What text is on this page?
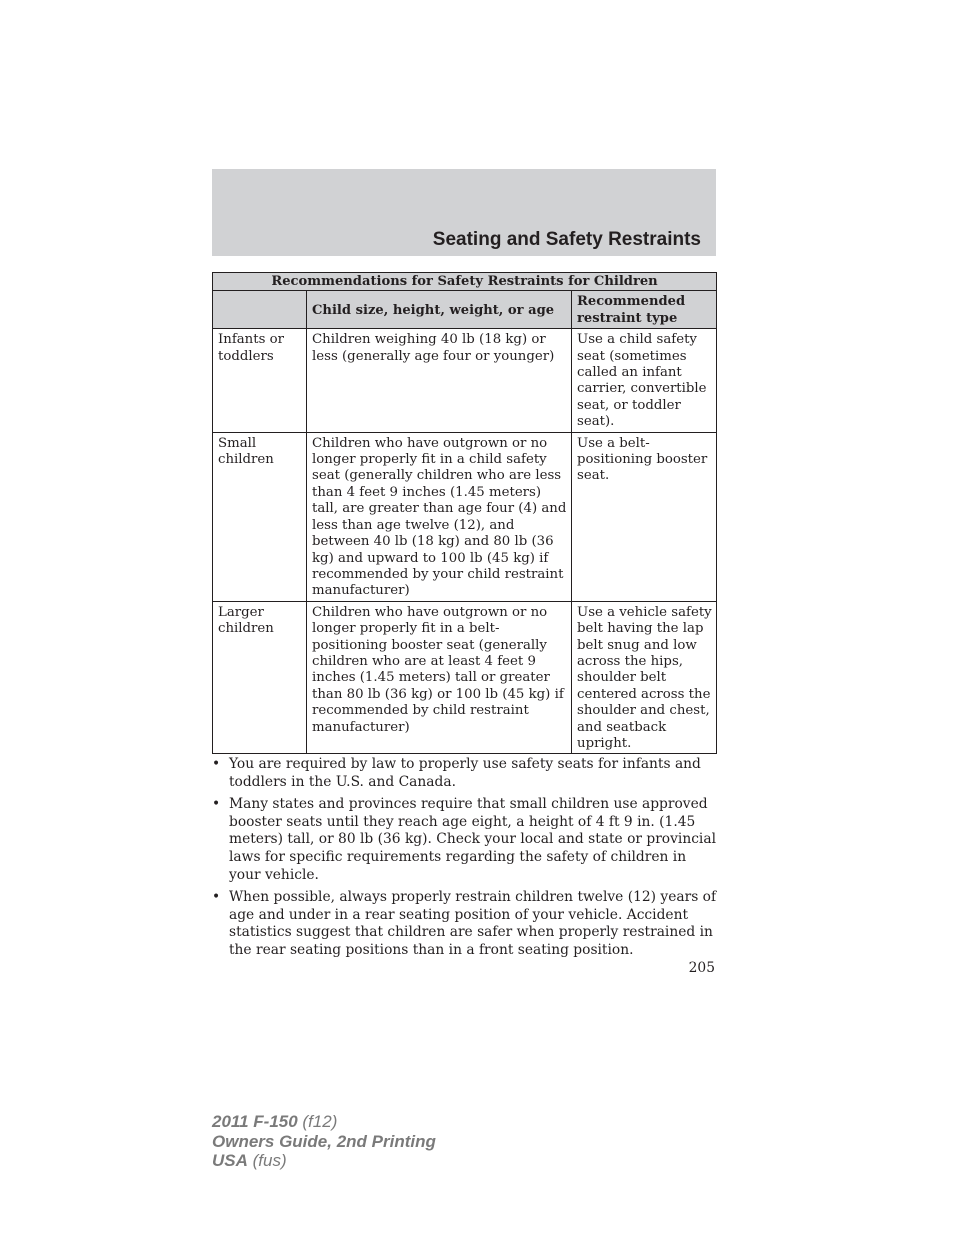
Seating and Safety Restraints
Recommendations for Safety Restraints for Children		
	Child size, height, weight, or age	Recommended restraint type
Infants or toddlers	Children weighing 40 lb (18 kg) or less (generally age four or younger)	Use a child safety seat (sometimes called an infant carrier, convertible seat, or toddler seat).
Small children	Children who have outgrown or no longer properly fit in a child safety seat (generally children who are less than 4 feet 9 inches (1.45 meters) tall, are greater than age four (4) and less than age twelve (12), and between 40 lb (18 kg) and 80 lb (36 kg) and upward to 100 lb (45 kg) if recommended by your child restraint manufacturer)	Use a belt-positioning booster seat.
Larger children	Children who have outgrown or no longer properly fit in a belt-positioning booster seat (generally children who are at least 4 feet 9 inches (1.45 meters) tall or greater than 80 lb (36 kg) or 100 lb (45 kg) if recommended by child restraint manufacturer)	Use a vehicle safety belt having the lap belt snug and low across the hips, shoulder belt centered across the shoulder and chest, and seatback upright.
• You are required by law to properly use safety seats for infants and toddlers in the U.S. and Canada.
• Many states and provinces require that small children use approved booster seats until they reach age eight, a height of 4 ft 9 in. (1.45 meters) tall, or 80 lb (36 kg). Check your local and state or provincial laws for specific requirements regarding the safety of children in your vehicle.
• When possible, always properly restrain children twelve (12) years of age and under in a rear seating position of your vehicle. Accident statistics suggest that children are safer when properly restrained in the rear seating positions than in a front seating position.
205
2011 F-150 (f12)
Owners Guide, 2nd Printing
USA (fus)
